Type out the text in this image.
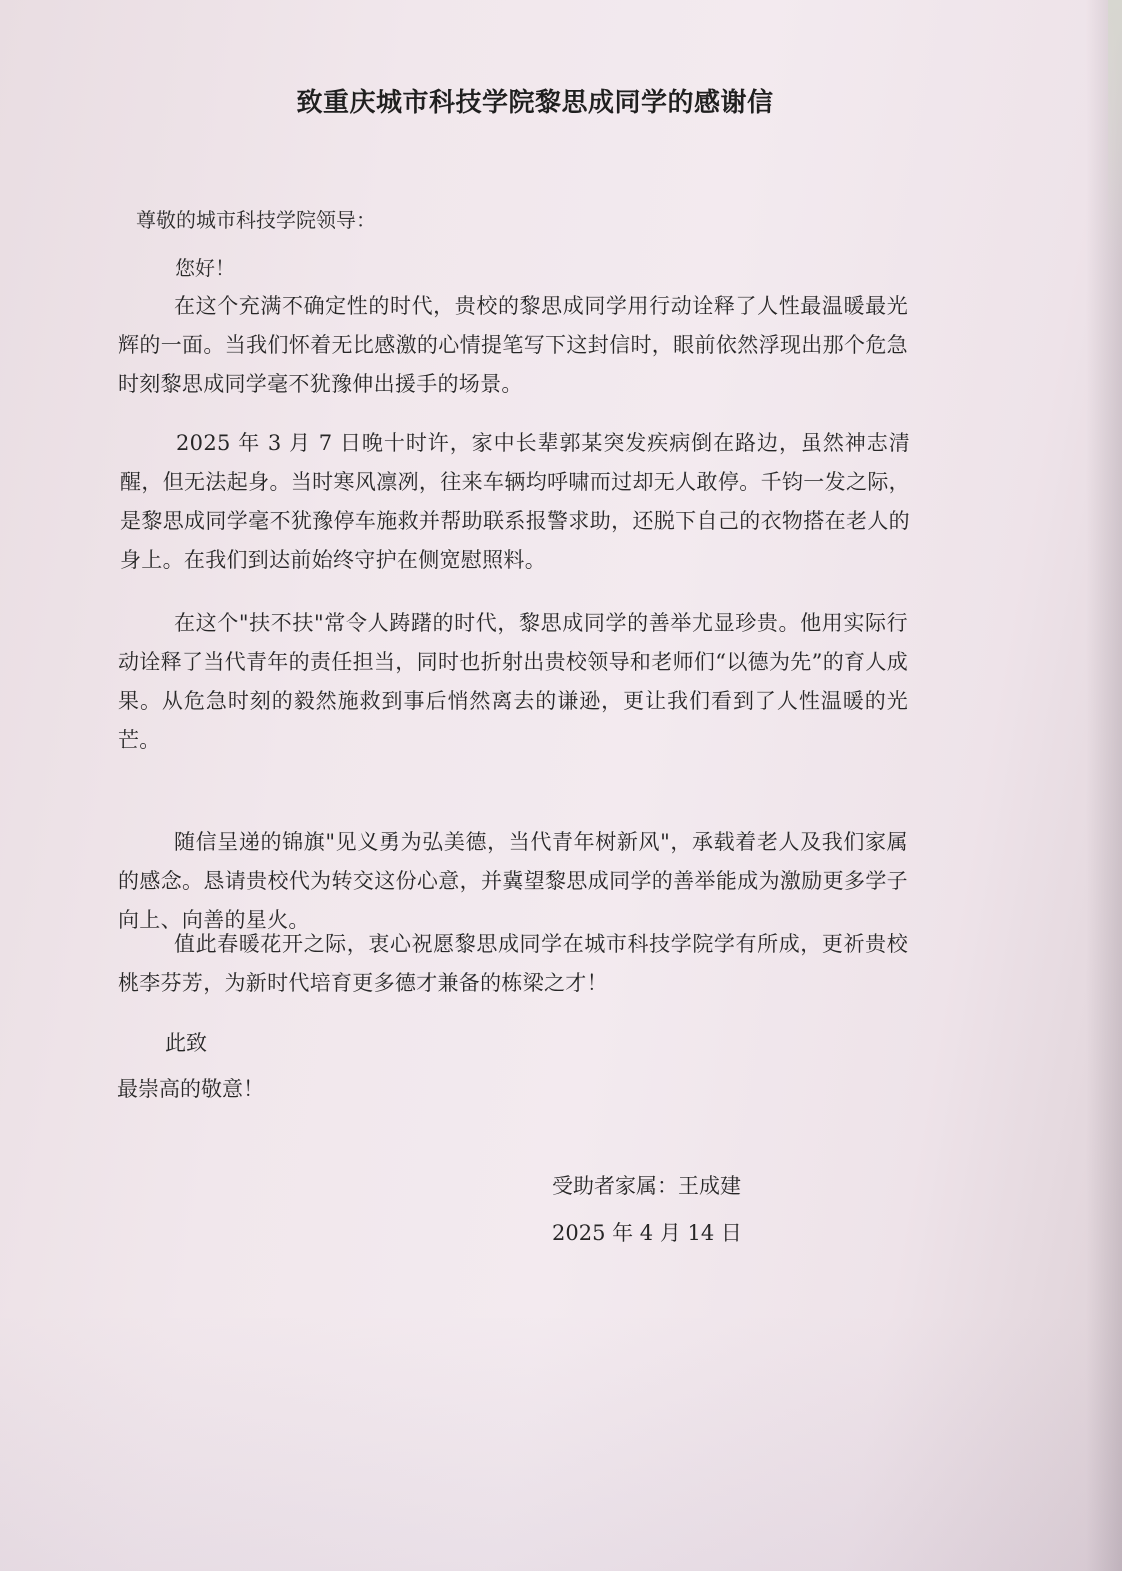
致重庆城市科技学院黎思成同学的感谢信
尊敬的城市科技学院领导：
您好！
在这个充满不确定性的时代，贵校的黎思成同学用行动诠释了人性最温暖最光辉的一面。当我们怀着无比感激的心情提笔写下这封信时，眼前依然浮现出那个危急时刻黎思成同学毫不犹豫伸出援手的场景。
2025 年 3 月 7 日晚十时许，家中长辈郭某突发疾病倒在路边，虽然神志清醒，但无法起身。当时寒风凛冽，往来车辆均呼啸而过却无人敢停。千钧一发之际，是黎思成同学毫不犹豫停车施救并帮助联系报警求助，还脱下自己的衣物搭在老人的身上。在我们到达前始终守护在侧宽慰照料。
在这个"扶不扶"常令人踌躇的时代，黎思成同学的善举尤显珍贵。他用实际行动诠释了当代青年的责任担当，同时也折射出贵校领导和老师们“以德为先”的育人成果。从危急时刻的毅然施救到事后悄然离去的谦逊，更让我们看到了人性温暖的光芒。
随信呈递的锦旗"见义勇为弘美德，当代青年树新风"，承载着老人及我们家属的感念。恳请贵校代为转交这份心意，并冀望黎思成同学的善举能成为激励更多学子向上、向善的星火。
值此春暖花开之际，衷心祝愿黎思成同学在城市科技学院学有所成，更祈贵校桃李芬芳，为新时代培育更多德才兼备的栋梁之才！
此致
最崇高的敬意！
受助者家属：王成建
2025 年 4 月 14 日
